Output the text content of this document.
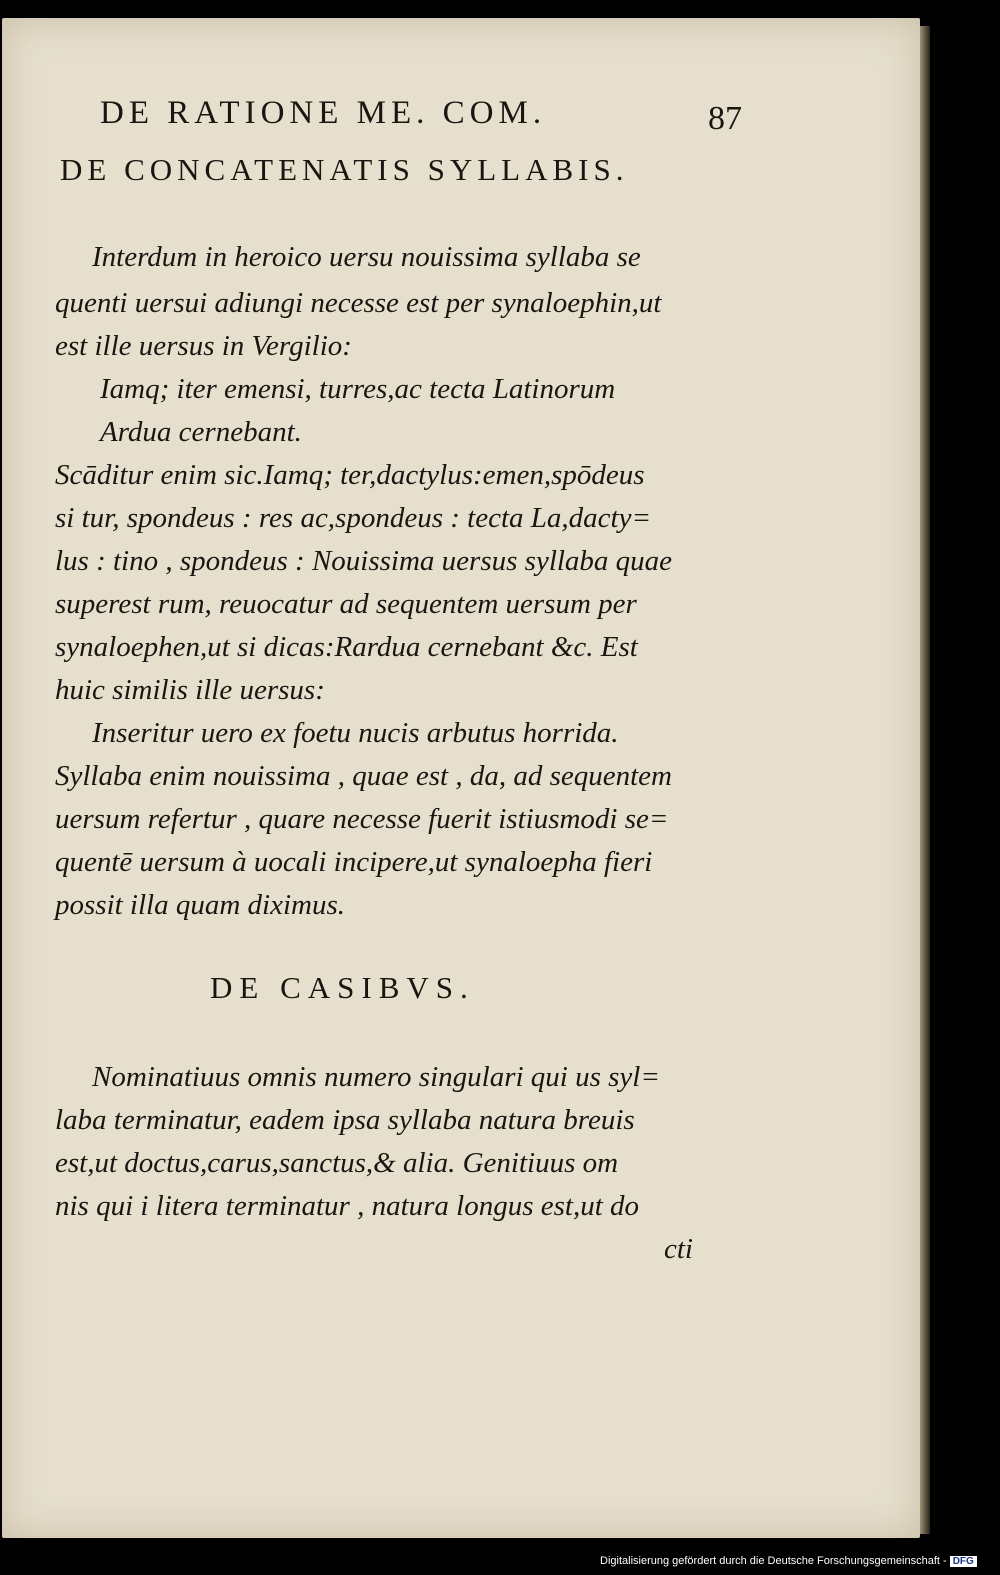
DE RATIONE ME. COM.	87
DE CONCATENATIS SYLLABIS.
Interdum in heroico uersu nouissima syllaba se
quenti uersui adiungi necesse est per synaloephin,ut
est ille uersus in Vergilio:
Iamq; iter emensi, turres,ac tecta Latinorum
Ardua cernebant.
Scāditur enim sic.Iamq; ter,dactylus:emen,spōdeus
si tur, spondeus : res ac,spondeus : tecta La,dacty=
lus : tino , spondeus : Nouissima uersus syllaba quae
superest rum, reuocatur ad sequentem uersum per
synaloephen,ut si dicas:Rardua cernebant &c. Est
huic similis ille uersus:
Inseritur uero ex foetu nucis arbutus horrida.
Syllaba enim nouissima , quae est , da, ad sequentem
uersum refertur , quare necesse fuerit istiusmodi se=
quentē uersum à uocali incipere,ut synaloepha fieri
possit illa quam diximus.
DE CASIBVS.
Nominatiuus omnis numero singulari qui us syl=
laba terminatur, eadem ipsa syllaba natura breuis
est,ut doctus,carus,sanctus,& alia. Genitiuus om
nis qui i litera terminatur , natura longus est,ut do
cti
Digitalisierung gefördert durch die Deutsche Forschungsgemeinschaft - DFG
